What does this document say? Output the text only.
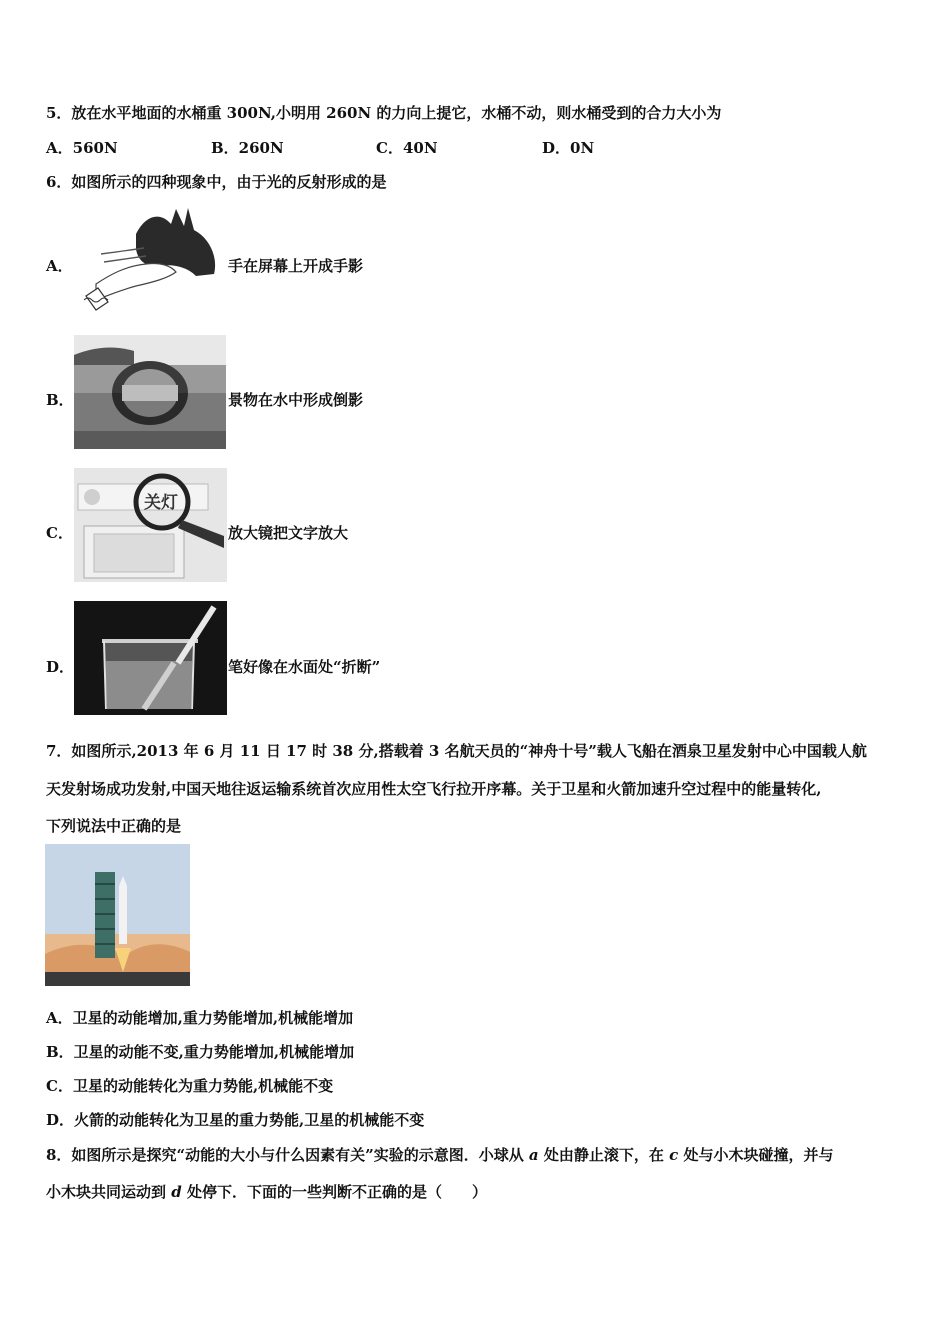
5．放在水平地面的水桶重 300N,小明用 260N 的力向上提它，水桶不动，则水桶受到的合力大小为
A．560N	B．260N	C．40N	D．0N
6．如图所示的四种现象中，由于光的反射形成的是
A．	手在屏幕上开成手影
B．	景物在水中形成倒影
C．
关灯
放大镜把文字放大
D．	笔好像在水面处“折断”
7．如图所示,2013 年 6 月 11 日 17 时 38 分,搭载着 3 名航天员的“神舟十号”载人飞船在酒泉卫星发射中心中国载人航
天发射场成功发射,中国天地往返运输系统首次应用性太空飞行拉开序幕。关于卫星和火箭加速升空过程中的能量转化,
下列说法中正确的是
A．卫星的动能增加,重力势能增加,机械能增加
B．卫星的动能不变,重力势能增加,机械能增加
C．卫星的动能转化为重力势能,机械能不变
D．火箭的动能转化为卫星的重力势能,卫星的机械能不变
8．如图所示是探究“动能的大小与什么因素有关”实验的示意图．小球从 a 处由静止滚下，在 c 处与小木块碰撞，并与
小木块共同运动到 d 处停下．下面的一些判断不正确的是（　　）
